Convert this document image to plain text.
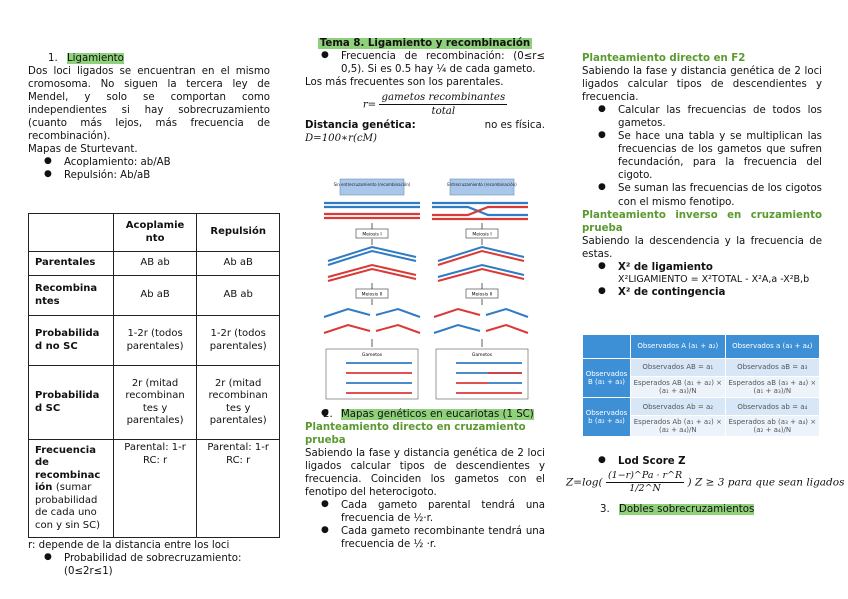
1. Ligamiento

Dos loci ligados se encuentran en el mismo cromosoma. No siguen la tercera ley de Mendel, y solo se comportan como independientes si hay sobrecruzamiento (cuanto más lejos, más frecuencia de recombinación).

Mapas de Sturtevant.

● Acoplamiento: ab/AB
● Repulsión: Ab/aB
	Acoplamie nto	Repulsión
Parentales	AB ab	Ab aB
Recombina ntes	Ab aB	AB ab
Probabilida d no SC	1-2r (todos parentales)	1-2r (todos parentales)
Probabilida d SC	2r (mitad recombinan tes y parentales)	2r (mitad recombinan tes y parentales)
Frecuencia de recombinac ión (sumar probabilidad de cada uno con y sin SC)	Parental: 1-r RC: r	Parental: 1-r RC: r

r: depende de la distancia entre los loci

● Probabilidad de sobrecruzamiento: (0≤2r≤1)

Tema 8. Ligamiento y recombinación

● Frecuencia de recombinación: (0≤r≤ 0,5). Si es 0.5 hay ¼ de cada gameto.

Los más frecuentes son los parentales.

$r= \frac{\text{gametos recombinantes}}{\text{total}}$

Distancia genética:	no es física.

D=100∗r(cM)

Sin entrecruzamiento (recombinación)	Entrecruzamiento (recombinación)
Meiosis I	Meiosis I
Meiosis II	Meiosis II
Gametos	Gametos
● 2. Mapas genéticos en eucariotas (1 SC)

Planteamiento directo en cruzamiento prueba

Sabiendo la fase y distancia genética de 2 loci ligados calcular tipos de descendientes y frecuencia. Coinciden los gametos con el fenotipo del heterocigoto.

● Cada gameto parental tendrá una frecuencia de ½·r.
● Cada gameto recombinante tendrá una frecuencia de ½ ·r.

Planteamiento directo en F2

Sabiendo la fase y distancia genética de 2 loci ligados calcular tipos de descendientes y frecuencia.

● Calcular las frecuencias de todos los gametos.
● Se hace una tabla y se multiplican las frecuencias de los gametos que sufren fecundación, para la frecuencia del cigoto.
● Se suman las frecuencias de los cigotos con el mismo fenotipo.

Planteamiento inverso en cruzamiento prueba

Sabiendo la descendencia y la frecuencia de estas.

● X² de ligamiento

X²LIGAMIENTO = X²TOTAL - X²A,a -X²B,b

● X² de contingencia
	Observados A (a₁ + a₂)	Observados a (a₃ + a₄)
Observados B (a₁ + a₃)	Observados AB = a₁	Observados aB = a₃
	Esperados AB (a₁ + a₂) × (a₁ + a₃)/N	Esperados aB (a₃ + a₄) × (a₁ + a₃)/N
Observados b (a₂ + a₄)	Observados Ab = a₂	Observados ab = a₄
	Esperados Ab (a₁ + a₂) × (a₂ + a₄)/N	Esperados ab (a₃ + a₄) × (a₂ + a₄)/N
● Lod Score Z
$Z=\log( \frac{(1-r)\^{}Pa \cdot r\^{}R}{1/2\^{}N}$ ) Z ≥ 3 para que sean ligados

3. Dobles sobrecruzamientos
